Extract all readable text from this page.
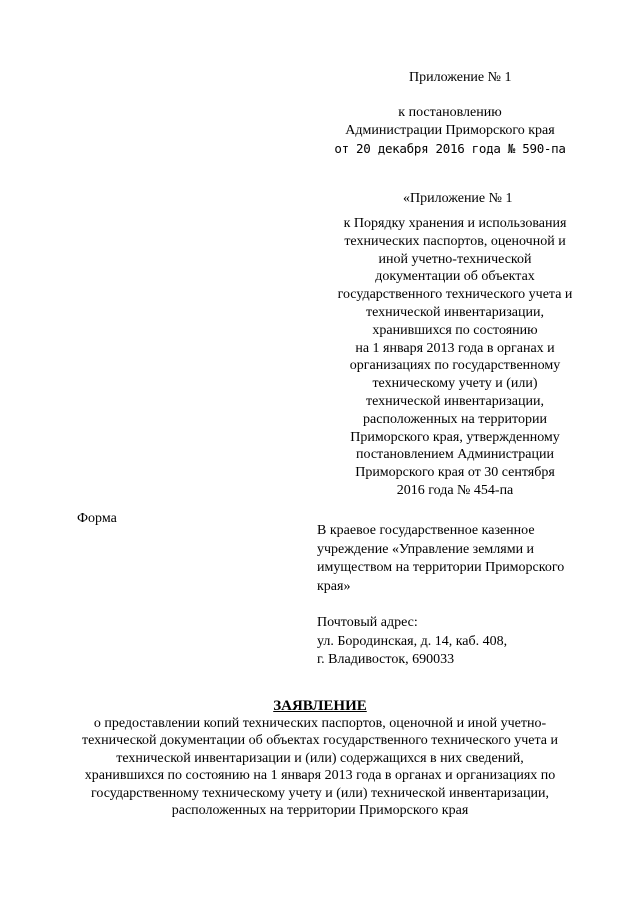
Приложение № 1
к постановлению
Администрации Приморского края
от 20 декабря 2016 года № 590-па
«Приложение № 1
к Порядку хранения и использования
технических паспортов, оценочной и
иной учетно-технической
документации об объектах
государственного технического учета и
технической инвентаризации,
хранившихся по состоянию
на 1 января 2013 года в органах и
организациях по государственному
техническому учету и (или)
технической инвентаризации,
расположенных на территории
Приморского края, утвержденному
постановлением Администрации
Приморского края от 30 сентября
2016 года № 454-па
Форма
В краевое государственное казенное
учреждение «Управление землями и
имуществом на территории Приморского
края»
Почтовый адрес:
ул. Бородинская, д. 14, каб. 408,
г. Владивосток, 690033
ЗАЯВЛЕНИЕ
о предоставлении копий технических паспортов, оценочной и иной учетно-
технической документации об объектах государственного технического учета и
технической инвентаризации и (или) содержащихся в них сведений,
хранившихся по состоянию на 1 января 2013 года в органах и организациях по
государственному техническому учету и (или) технической инвентаризации,
расположенных на территории Приморского края
